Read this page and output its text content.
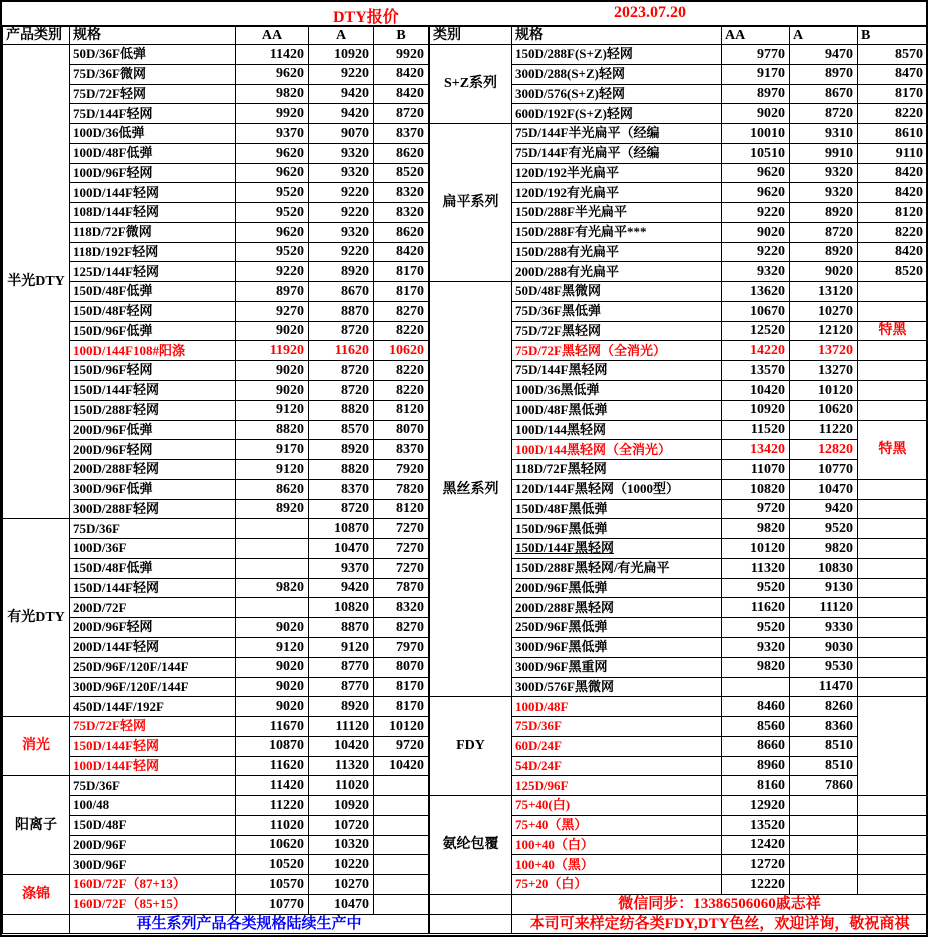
DTY报价	2023.07.20
产品类别	规格	AA	A	B
半光DTY	50D/36F低弹	11420	10920	9920
	75D/36F微网	9620	9220	8420
	75D/72F轻网	9820	9420	8420
	75D/144F轻网	9920	9420	8720
	100D/36低弹	9370	9070	8370
	100D/48F低弹	9620	9320	8620
	100D/96F轻网	9620	9320	8520
	100D/144F轻网	9520	9220	8320
	108D/144F轻网	9520	9220	8320
	118D/72F微网	9620	9320	8620
	118D/192F轻网	9520	9220	8420
	125D/144F轻网	9220	8920	8170
	150D/48F低弹	8970	8670	8170
	150D/48F轻网	9270	8870	8270
	150D/96F低弹	9020	8720	8220
	100D/144F108#阳涤	11920	11620	10620
	150D/96F轻网	9020	8720	8220
	150D/144F轻网	9020	8720	8220
	150D/288F轻网	9120	8820	8120
	200D/96F低弹	8820	8570	8070
	200D/96F轻网	9170	8920	8370
	200D/288F轻网	9120	8820	7920
	300D/96F低弹	8620	8370	7820
	300D/288F轻网	8920	8720	8120
有光DTY	75D/36F		10870	7270
	100D/36F		10470	7270
	150D/48F低弹		9370	7270
	150D/144F轻网	9820	9420	7870
	200D/72F		10820	8320
	200D/96F轻网	9020	8870	8270
	200D/144F轻网	9120	9120	7970
	250D/96F/120F/144F	9020	8770	8070
	300D/96F/120F/144F	9020	8770	8170
	450D/144F/192F	9020	8920	8170
消光	75D/72F轻网	11670	11120	10120
	150D/144F轻网	10870	10420	9720
	100D/144F轻网	11620	11320	10420
阳离子	75D/36F	11420	11020	
	100/48	11220	10920	
	150D/48F	11020	10720	
	200D/96F	10620	10320	
	300D/96F	10520	10220	
涤锦	160D/72F（87+13）	10570	10270	
	160D/72F（85+15）	10770	10470	
	再生系列产品各类规格陆续生产中			
类别	规格	AA	A	B
S+Z系列	150D/288F(S+Z)轻网	9770	9470	8570
	300D/288(S+Z)轻网	9170	8970	8470
	300D/576(S+Z)轻网	8970	8670	8170
	600D/192F(S+Z)轻网	9020	8720	8220
扁平系列	75D/144F半光扁平（经编	10010	9310	8610
	75D/144F有光扁平（经编	10510	9910	9110
	120D/192半光扁平	9620	9320	8420
	120D/192有光扁平	9620	9320	8420
	150D/288F半光扁平	9220	8920	8120
	150D/288F有光扁平***	9020	8720	8220
	150D/288有光扁平	9220	8920	8420
	200D/288有光扁平	9320	9020	8520
黑丝系列	50D/48F黑微网	13620	13120	
	75D/36F黑低弹	10670	10270	
	75D/72F黑轻网	12520	12120	特黑
	75D/72F黑轻网（全消光）	14220	13720	
	75D/144F黑轻网	13570	13270	
	100D/36黑低弹	10420	10120	
	100D/48F黑低弹	10920	10620	
	100D/144黑轻网	11520	11220	特黑
	100D/144黑轻网（全消光）	13420	12820	
	118D/72F黑轻网	11070	10770	
	120D/144F黑轻网（1000型）	10820	10470	
	150D/48F黑低弹	9720	9420	
	150D/96F黑低弹	9820	9520	
	150D/144F黑轻网	10120	9820	
	150D/288F黑轻网/有光扁平	11320	10830	
	200D/96F黑低弹	9520	9130	
	200D/288F黑轻网	11620	11120	
	250D/96F黑低弹	9520	9330	
	300D/96F黑低弹	9320	9030	
	300D/96F黑重网	9820	9530	
	300D/576F黑微网		11470	
FDY	100D/48F	8460	8260	
	75D/36F	8560	8360	
	60D/24F	8660	8510	
	54D/24F	8960	8510	
	125D/96F	8160	7860	
氨纶包覆	75+40(白)	12920		
	75+40（黑）	13520		
	100+40（白）	12420		
	100+40（黑）	12720		
	75+20（白）	12220		
	微信同步：13386506060戚志祥			
	本司可来样定纺各类FDY,DTY色丝，欢迎详询，敬祝商祺			
